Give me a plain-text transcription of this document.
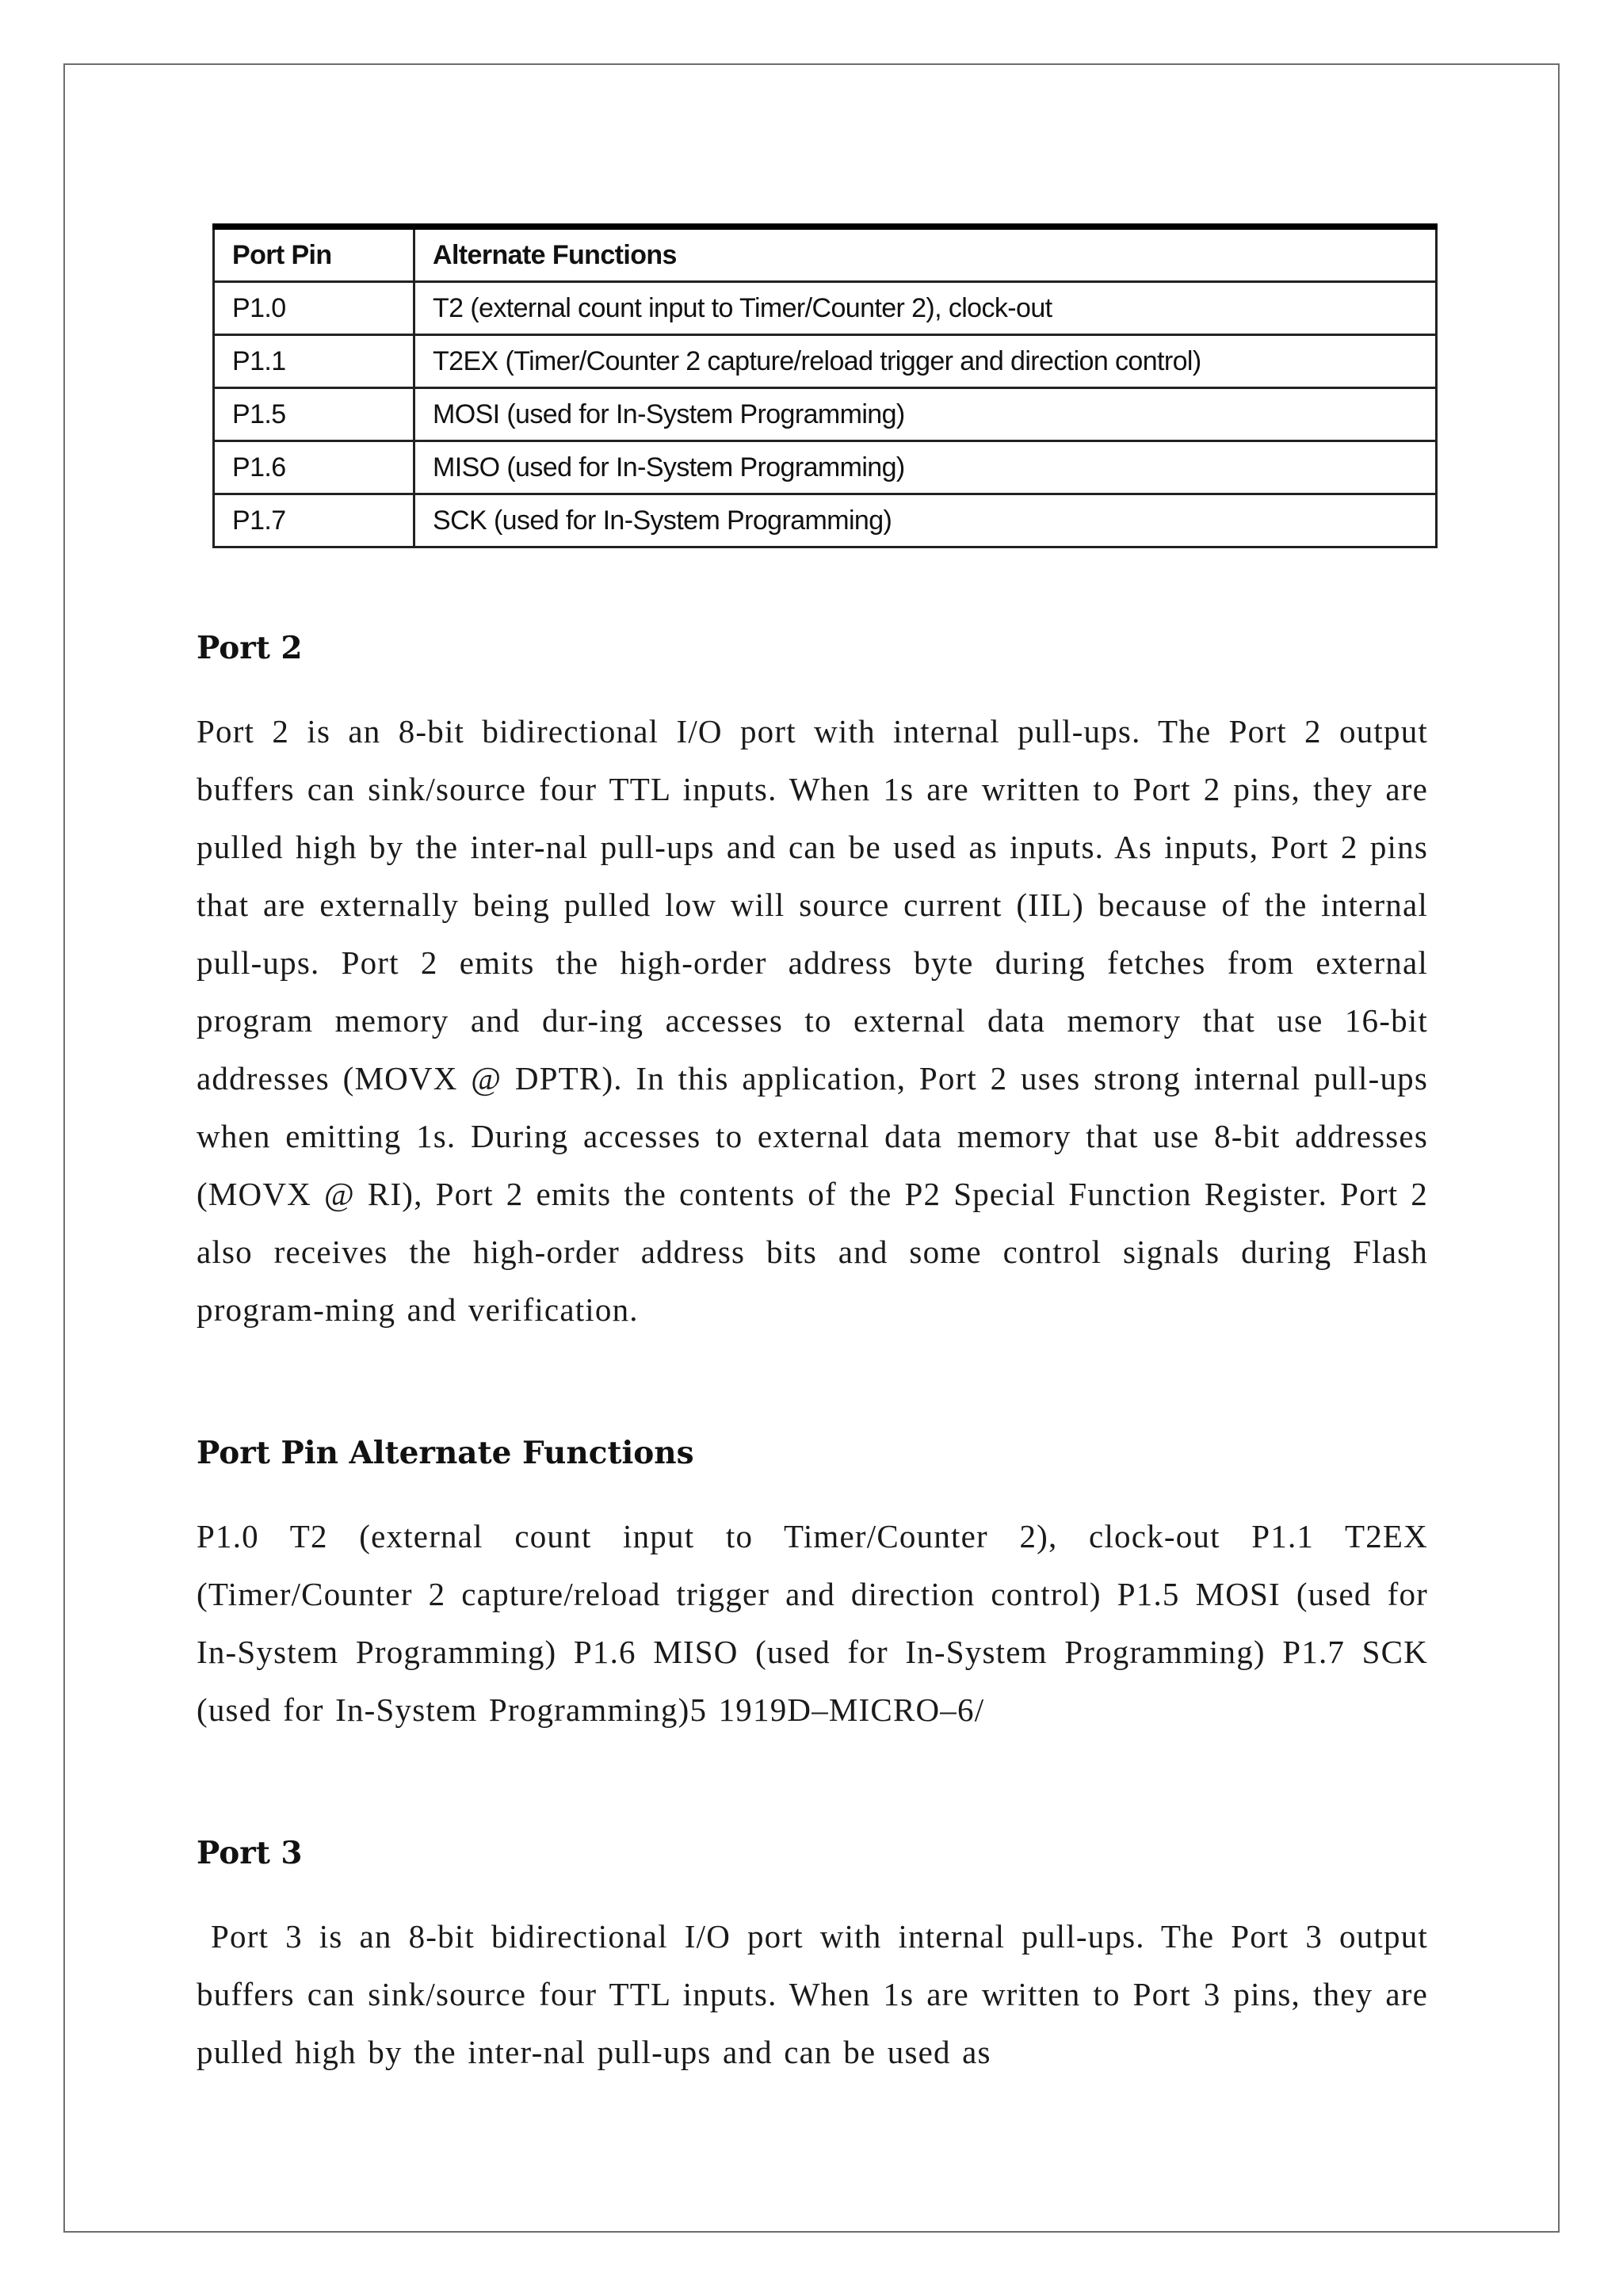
Port Pin	Alternate Functions
P1.0	T2 (external count input to Timer/Counter 2), clock-out
P1.1	T2EX (Timer/Counter 2 capture/reload trigger and direction control)
P1.5	MOSI (used for In-System Programming)
P1.6	MISO (used for In-System Programming)
P1.7	SCK (used for In-System Programming)
Port 2

Port 2 is an 8-bit bidirectional I/O port with internal pull-ups. The Port 2 output buffers can sink/source four TTL inputs. When 1s are written to Port 2 pins, they are pulled high by the inter-nal pull-ups and can be used as inputs. As inputs, Port 2 pins that are externally being pulled low will source current (IIL) because of the internal pull-ups. Port 2 emits the high-order address byte during fetches from external program memory and dur-ing accesses to external data memory that use 16-bit addresses (MOVX @ DPTR). In this application, Port 2 uses strong internal pull-ups when emitting 1s. During accesses to external data memory that use 8-bit addresses (MOVX @ RI), Port 2 emits the contents of the P2 Special Function Register. Port 2 also receives the high-order address bits and some control signals during Flash program-ming and verification.

Port Pin Alternate Functions

P1.0 T2 (external count input to Timer/Counter 2), clock-out P1.1 T2EX (Timer/Counter 2 capture/reload trigger and direction control) P1.5 MOSI (used for In-System Programming) P1.6 MISO (used for In-System Programming) P1.7 SCK (used for In-System Programming)5 1919D–MICRO–6/

Port 3

Port 3 is an 8-bit bidirectional I/O port with internal pull-ups. The Port 3 output buffers can sink/source four TTL inputs. When 1s are written to Port 3 pins, they are pulled high by the inter-nal pull-ups and can be used as
